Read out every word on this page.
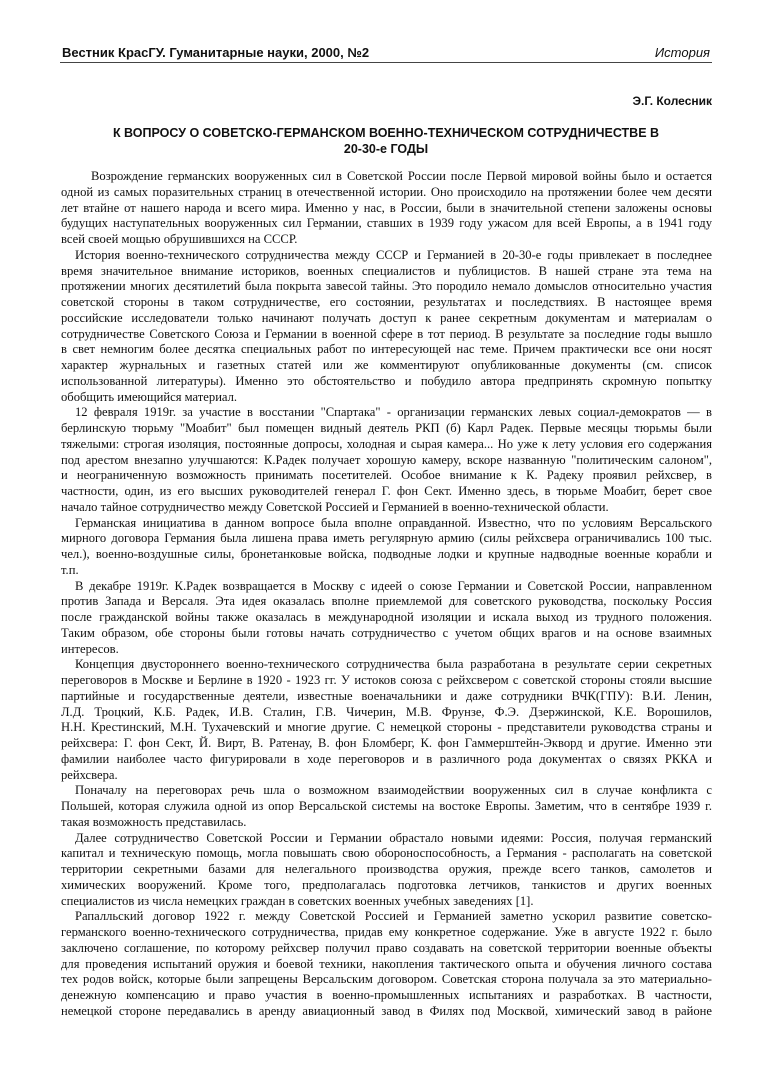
Вестник КрасГУ. Гуманитарные науки, 2000, №2	История
Э.Г. Колесник
К ВОПРОСУ О СОВЕТСКО-ГЕРМАНСКОМ ВОЕННО-ТЕХНИЧЕСКОМ СОТРУДНИЧЕСТВЕ В
20-30-е ГОДЫ
Возрождение германских вооруженных сил в Советской России после Первой мировой войны было и остается
одной из самых поразительных страниц в отечественной истории. Оно происходило на протяжении более чем десяти
лет втайне от нашего народа и всего мира. Именно у нас, в России, были в значительной степени заложены основы
будущих наступательных вооруженных сил Германии, ставших в 1939 году ужасом для всей Европы, а в 1941 году
всей своей мощью обрушившихся на СССР.
История военно-технического сотрудничества между СССР и Германией в 20-30-е годы привлекает в последнее
время значительное внимание историков, военных специалистов и публицистов. В нашей стране эта тема на
протяжении многих десятилетий была покрыта завесой тайны. Это породило немало домыслов относительно участия
советской стороны в таком сотрудничестве, его состоянии, результатах и последствиях. В настоящее время
российские исследователи только начинают получать доступ к ранее секретным документам и материалам о
сотрудничестве Советского Союза и Германии в военной сфере в тот период. В результате за последние годы вышло
в свет немногим более десятка специальных работ по интересующей нас теме. Причем практически все они носят
характер журнальных и газетных статей или же комментируют опубликованные документы (см. список
использованной литературы). Именно это обстоятельство и побудило автора предпринять скромную попытку
обобщить имеющийся материал.
12 февраля 1919г. за участие в восстании "Спартака" - организации германских левых социал-демократов — в
берлинскую тюрьму "Моабит" был помещен видный деятель РКП (б) Карл Радек. Первые месяцы тюрьмы были
тяжелыми: строгая изоляция, постоянные допросы, холодная и сырая камера... Но уже к лету условия его содержания
под арестом внезапно улучшаются: К.Радек получает хорошую камеру, вскоре названную "политическим салоном",
и неограниченную возможность принимать посетителей. Особое внимание к К. Радеку проявил рейхсвер, в
частности, один, из его высших руководителей генерал Г. фон Сект. Именно здесь, в тюрьме Моабит, берет свое
начало тайное сотрудничество между Советской Россией и Германией в военно-технической области.
Германская инициатива в данном вопросе была вполне оправданной. Известно, что по условиям Версальского
мирного договора Германия была лишена права иметь регулярную армию (силы рейхсвера ограничивались 100 тыс.
чел.), военно-воздушные силы, бронетанковые войска, подводные лодки и крупные надводные военные корабли и
т.п.
В декабре 1919г. К.Радек возвращается в Москву с идеей о союзе Германии и Советской России, направленном
против Запада и Версаля. Эта идея оказалась вполне приемлемой для советского руководства, поскольку Россия
после гражданской войны также оказалась в международной изоляции и искала выход из трудного положения.
Таким образом, обе стороны были готовы начать сотрудничество с учетом общих врагов и на основе взаимных
интересов.
Концепция двустороннего военно-технического сотрудничества была разработана в результате серии секретных
переговоров в Москве и Берлине в 1920 - 1923 гг. У истоков союза с рейхсвером с советской стороны стояли высшие
партийные и государственные деятели, известные военачальники и даже сотрудники ВЧК(ГПУ): В.И. Ленин,
Л.Д. Троцкий, К.Б. Радек, И.В. Сталин, Г.В. Чичерин, М.В. Фрунзе, Ф.Э. Дзержинской, К.Е. Ворошилов,
Н.Н. Крестинский, М.Н. Тухачевский и многие другие. С немецкой стороны - представители руководства страны и
рейхсвера: Г. фон Сект, Й. Вирт, В. Ратенау, В. фон Бломберг, К. фон Гаммерштейн-Экворд и другие. Именно эти
фамилии наиболее часто фигурировали в ходе переговоров и в различного рода документах о связях РККА и
рейхсвера.
Поначалу на переговорах речь шла о возможном взаимодействии вооруженных сил в случае конфликта с
Польшей, которая служила одной из опор Версальской системы на востоке Европы. Заметим, что в сентябре 1939 г.
такая возможность представилась.
Далее сотрудничество Советской России и Германии обрастало новыми идеями: Россия, получая германский
капитал и техническую помощь, могла повышать свою обороноспособность, а Германия - располагать на советской
территории секретными базами для нелегального производства оружия, прежде всего танков, самолетов и
химических вооружений. Кроме того, предполагалась подготовка летчиков, танкистов и других военных
специалистов из числа немецких граждан в советских военных учебных заведениях [1].
Рапалльский договор 1922 г. между Советской Россией и Германией заметно ускорил развитие советско-
германского военно-технического сотрудничества, придав ему конкретное содержание. Уже в августе 1922 г. было
заключено соглашение, по которому рейхсвер получил право создавать на советской территории военные объекты
для проведения испытаний оружия и боевой техники, накопления тактического опыта и обучения личного состава
тех родов войск, которые были запрещены Версальским договором. Советская сторона получала за это материально-
денежную компенсацию и право участия в военно-промышленных испытаниях и разработках. В частности,
немецкой стороне передавались в аренду авиационный завод в Филях под Москвой, химический завод в районе
